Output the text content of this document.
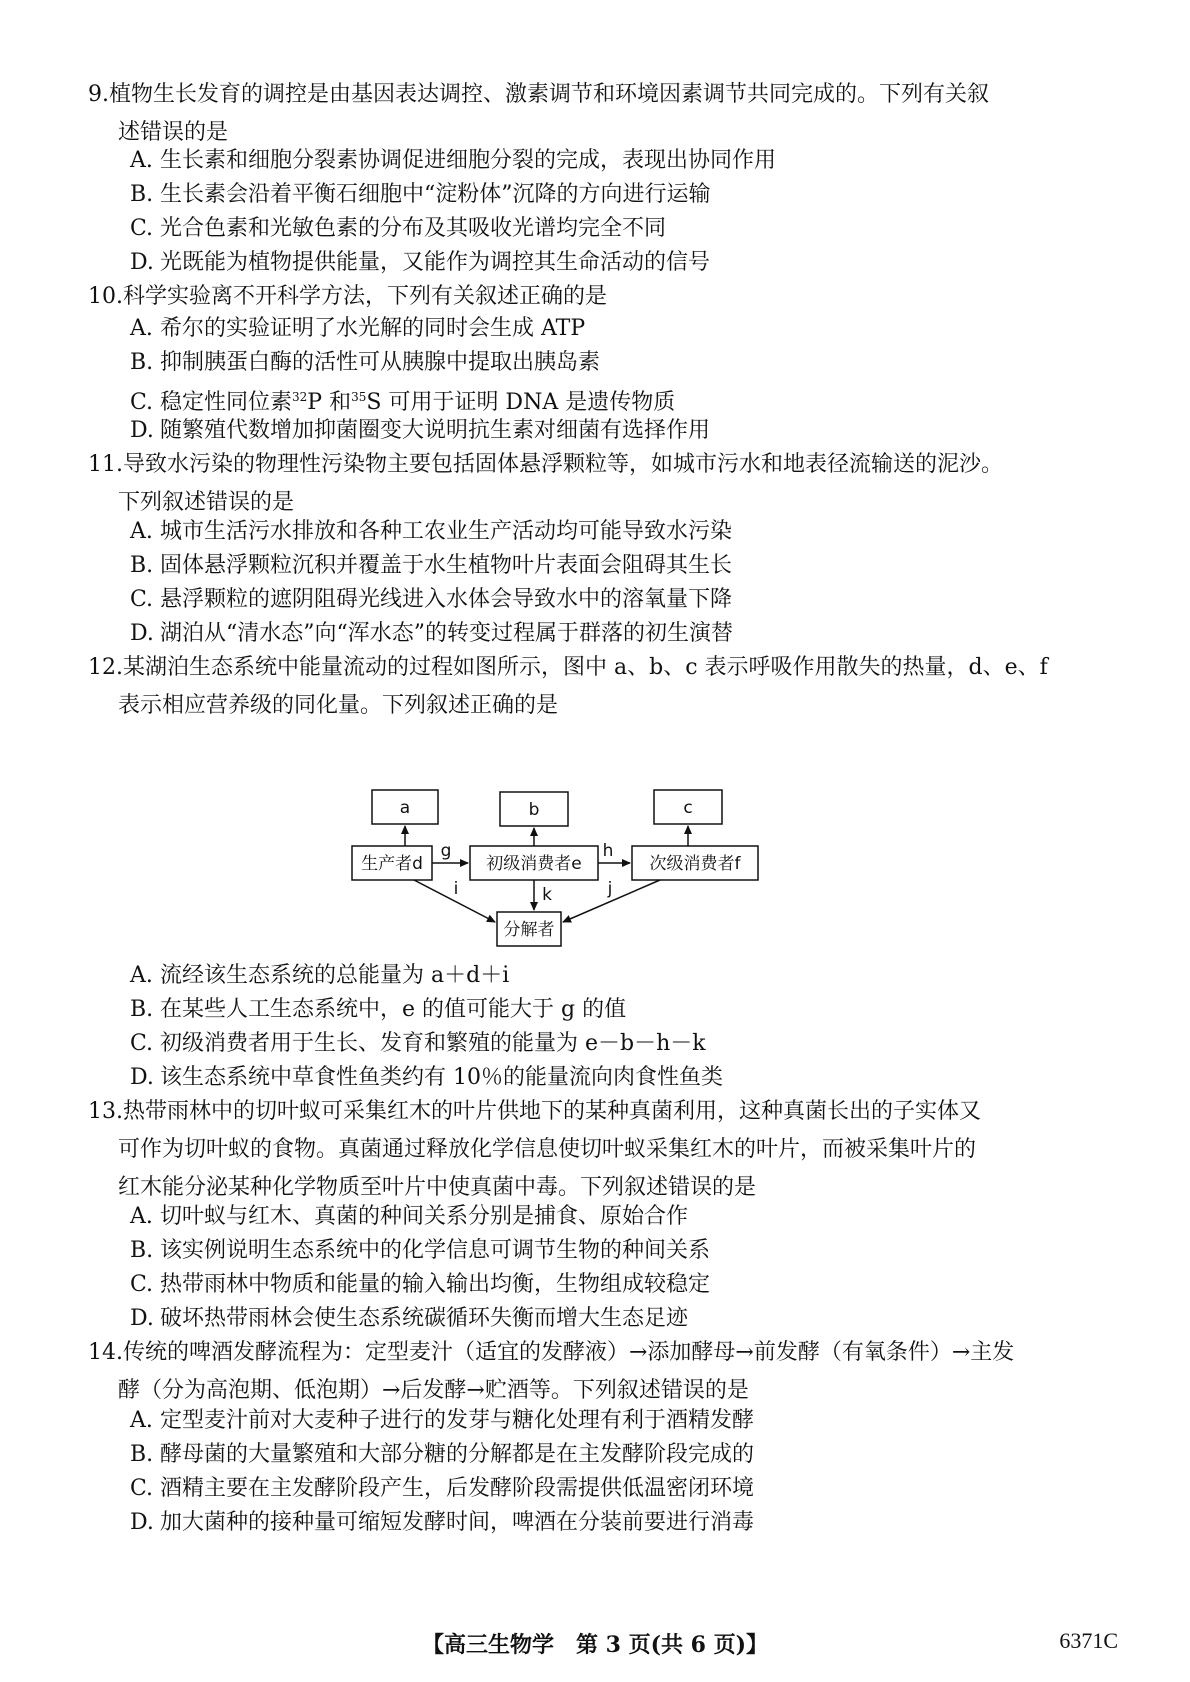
9.植物生长发育的调控是由基因表达调控、激素调节和环境因素调节共同完成的。下列有关叙
述错误的是
A. 生长素和细胞分裂素协调促进细胞分裂的完成，表现出协同作用
B. 生长素会沿着平衡石细胞中“淀粉体”沉降的方向进行运输
C. 光合色素和光敏色素的分布及其吸收光谱均完全不同
D. 光既能为植物提供能量，又能作为调控其生命活动的信号
10.科学实验离不开科学方法，下列有关叙述正确的是
A. 希尔的实验证明了水光解的同时会生成 ATP
B. 抑制胰蛋白酶的活性可从胰腺中提取出胰岛素
C. 稳定性同位素$^{32}$P 和$^{35}$S 可用于证明 DNA 是遗传物质
D. 随繁殖代数增加抑菌圈变大说明抗生素对细菌有选择作用
11.导致水污染的物理性污染物主要包括固体悬浮颗粒等，如城市污水和地表径流输送的泥沙。
下列叙述错误的是
A. 城市生活污水排放和各种工农业生产活动均可能导致水污染
B. 固体悬浮颗粒沉积并覆盖于水生植物叶片表面会阻碍其生长
C. 悬浮颗粒的遮阴阻碍光线进入水体会导致水中的溶氧量下降
D. 湖泊从“清水态”向“浑水态”的转变过程属于群落的初生演替
12.某湖泊生态系统中能量流动的过程如图所示，图中 a、b、c 表示呼吸作用散失的热量，d、e、f
表示相应营养级的同化量。下列叙述正确的是
a	b	c
生产者d	初级消费者e	次级消费者f
分解者
g	h
i	k	j
A. 流经该生态系统的总能量为 a＋d＋i
B. 在某些人工生态系统中，e 的值可能大于 g 的值
C. 初级消费者用于生长、发育和繁殖的能量为 e－b－h－k
D. 该生态系统中草食性鱼类约有 10％的能量流向肉食性鱼类
13.热带雨林中的切叶蚁可采集红木的叶片供地下的某种真菌利用，这种真菌长出的子实体又
可作为切叶蚁的食物。真菌通过释放化学信息使切叶蚁采集红木的叶片，而被采集叶片的
红木能分泌某种化学物质至叶片中使真菌中毒。下列叙述错误的是
A. 切叶蚁与红木、真菌的种间关系分别是捕食、原始合作
B. 该实例说明生态系统中的化学信息可调节生物的种间关系
C. 热带雨林中物质和能量的输入输出均衡，生物组成较稳定
D. 破坏热带雨林会使生态系统碳循环失衡而增大生态足迹
14.传统的啤酒发酵流程为：定型麦汁（适宜的发酵液）→添加酵母→前发酵（有氧条件）→主发
酵（分为高泡期、低泡期）→后发酵→贮酒等。下列叙述错误的是
A. 定型麦汁前对大麦种子进行的发芽与糖化处理有利于酒精发酵
B. 酵母菌的大量繁殖和大部分糖的分解都是在主发酵阶段完成的
C. 酒精主要在主发酵阶段产生，后发酵阶段需提供低温密闭环境
D. 加大菌种的接种量可缩短发酵时间，啤酒在分装前要进行消毒
【高三生物学　第 3 页(共 6 页)】	6371C
